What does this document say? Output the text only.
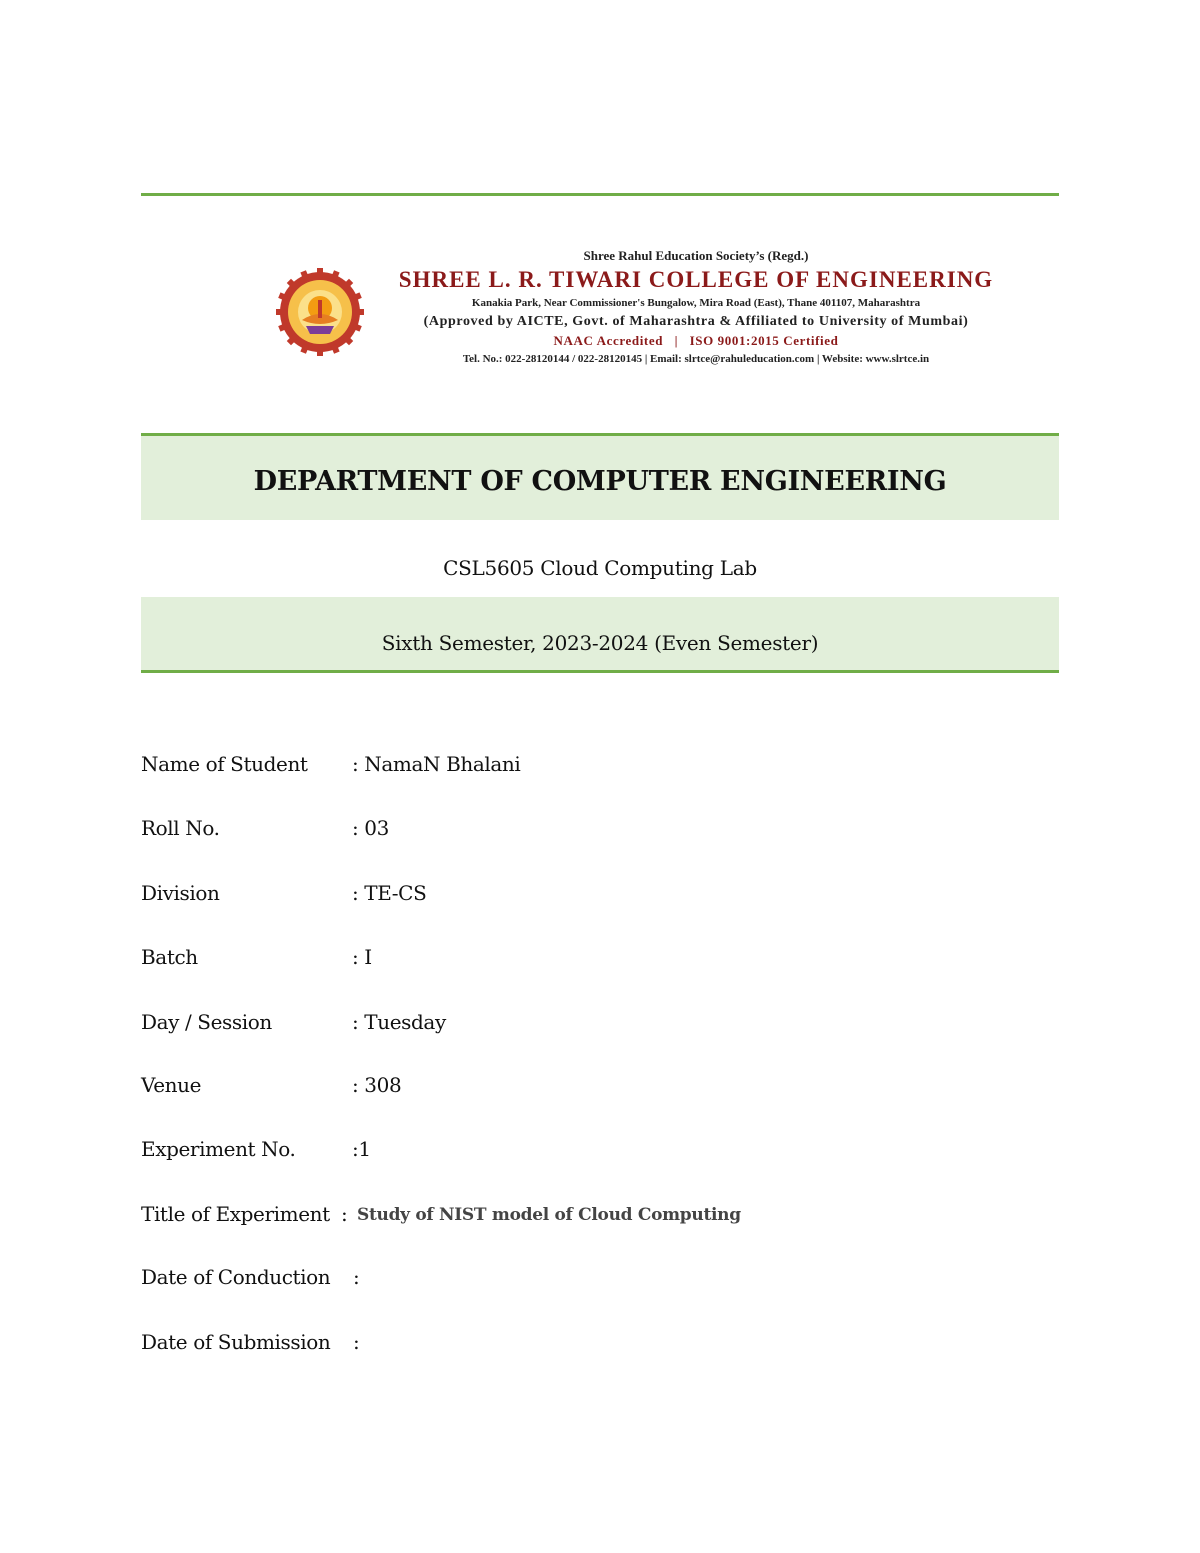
Shree Rahul Education Society’s (Regd.)
SHREE L. R. TIWARI COLLEGE OF ENGINEERING
Kanakia Park, Near Commissioner's Bungalow, Mira Road (East), Thane 401107, Maharashtra
(Approved by AICTE, Govt. of Maharashtra & Affiliated to University of Mumbai)
NAAC Accredited   |   ISO 9001:2015 Certified
Tel. No.: 022-28120144 / 022-28120145 | Email: slrtce@rahuleducation.com | Website: www.slrtce.in
DEPARTMENT OF COMPUTER ENGINEERING
CSL5605 Cloud Computing Lab
Sixth Semester, 2023-2024 (Even Semester)
Name of Student : NamaN Bhalani
Roll No.	: 03
Division	: TE-CS
Batch	: I
Day / Session	: Tuesday
Venue	: 308
Experiment No.	:1
Title of Experiment : Study of NIST model of Cloud Computing
Date of Conduction :
Date of Submission :
